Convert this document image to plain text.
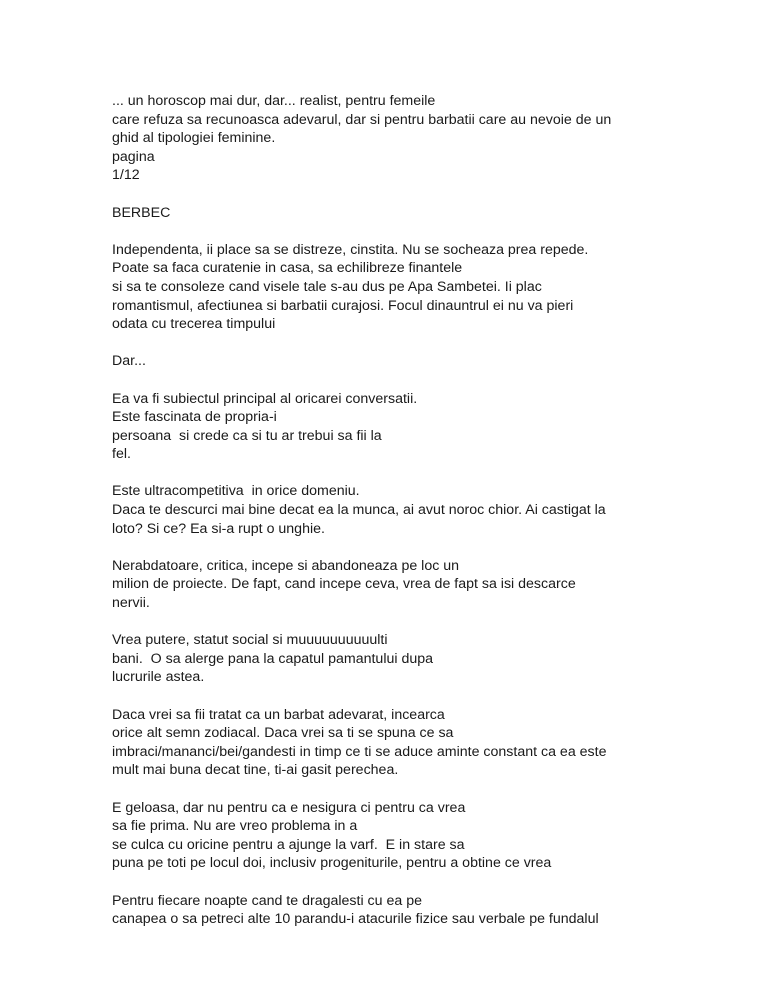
... un horoscop mai dur, dar... realist, pentru femeile
care refuza sa recunoasca adevarul, dar si pentru barbatii care au nevoie de un
ghid al tipologiei feminine.
pagina
1/12
BERBEC
Independenta, ii place sa se distreze, cinstita. Nu se socheaza prea repede.
Poate sa faca curatenie in casa, sa echilibreze finantele
si sa te consoleze cand visele tale s-au dus pe Apa Sambetei. Ii plac
romantismul, afectiunea si barbatii curajosi. Focul dinauntrul ei nu va pieri
odata cu trecerea timpului
Dar...
Ea va fi subiectul principal al oricarei conversatii.
Este fascinata de propria-i
persoana  si crede ca si tu ar trebui sa fii la
fel.
Este ultracompetitiva  in orice domeniu.
Daca te descurci mai bine decat ea la munca, ai avut noroc chior. Ai castigat la
loto? Si ce? Ea si-a rupt o unghie.
Nerabdatoare, critica, incepe si abandoneaza pe loc un
milion de proiecte. De fapt, cand incepe ceva, vrea de fapt sa isi descarce
nervii.
Vrea putere, statut social si muuuuuuuuuulti
bani.  O sa alerge pana la capatul pamantului dupa
lucrurile astea.
Daca vrei sa fii tratat ca un barbat adevarat, incearca
orice alt semn zodiacal. Daca vrei sa ti se spuna ce sa
imbraci/mananci/bei/gandesti in timp ce ti se aduce aminte constant ca ea este
mult mai buna decat tine, ti-ai gasit perechea.
E geloasa, dar nu pentru ca e nesigura ci pentru ca vrea
sa fie prima. Nu are vreo problema in a
se culca cu oricine pentru a ajunge la varf.  E in stare sa
puna pe toti pe locul doi, inclusiv progeniturile, pentru a obtine ce vrea
Pentru fiecare noapte cand te dragalesti cu ea pe
canapea o sa petreci alte 10 parandu-i atacurile fizice sau verbale pe fundalul
